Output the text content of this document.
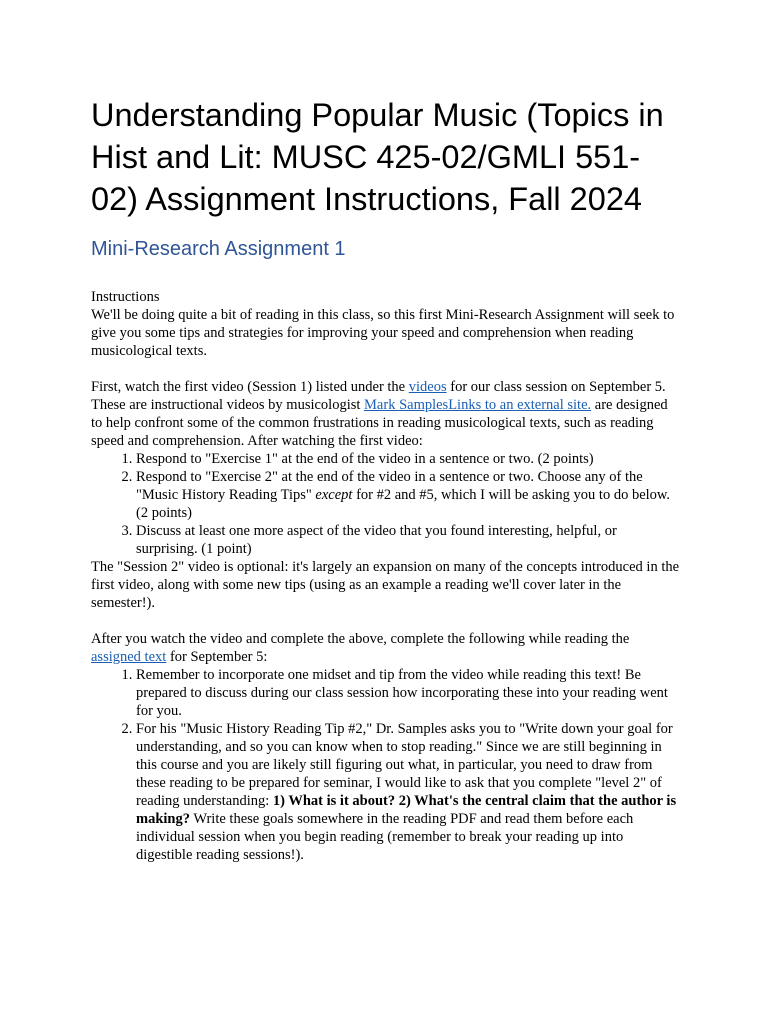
Understanding Popular Music (Topics in Hist and Lit: MUSC 425-02/GMLI 551-02) Assignment Instructions, Fall 2024
Mini-Research Assignment 1

Instructions

We'll be doing quite a bit of reading in this class, so this first Mini-Research Assignment will seek to give you some tips and strategies for improving your speed and comprehension when reading musicological texts.

First, watch the first video (Session 1) listed under the videos for our class session on September 5. These are instructional videos by musicologist Mark SamplesLinks to an external site. are designed to help confront some of the common frustrations in reading musicological texts, such as reading speed and comprehension. After watching the first video:

1. Respond to "Exercise 1" at the end of the video in a sentence or two. (2 points)
2. Respond to "Exercise 2" at the end of the video in a sentence or two. Choose any of the "Music History Reading Tips" except for #2 and #5, which I will be asking you to do below. (2 points)
3. Discuss at least one more aspect of the video that you found interesting, helpful, or surprising. (1 point)

The "Session 2" video is optional: it's largely an expansion on many of the concepts introduced in the first video, along with some new tips (using as an example a reading we'll cover later in the semester!).

After you watch the video and complete the above, complete the following while reading the assigned text for September 5:

1. Remember to incorporate one midset and tip from the video while reading this text! Be prepared to discuss during our class session how incorporating these into your reading went for you.
2. For his "Music History Reading Tip #2," Dr. Samples asks you to "Write down your goal for understanding, and so you can know when to stop reading." Since we are still beginning in this course and you are likely still figuring out what, in particular, you need to draw from these reading to be prepared for seminar, I would like to ask that you complete "level 2" of reading understanding: 1) What is it about? 2) What's the central claim that the author is making? Write these goals somewhere in the reading PDF and read them before each individual session when you begin reading (remember to break your reading up into digestible reading sessions!).
